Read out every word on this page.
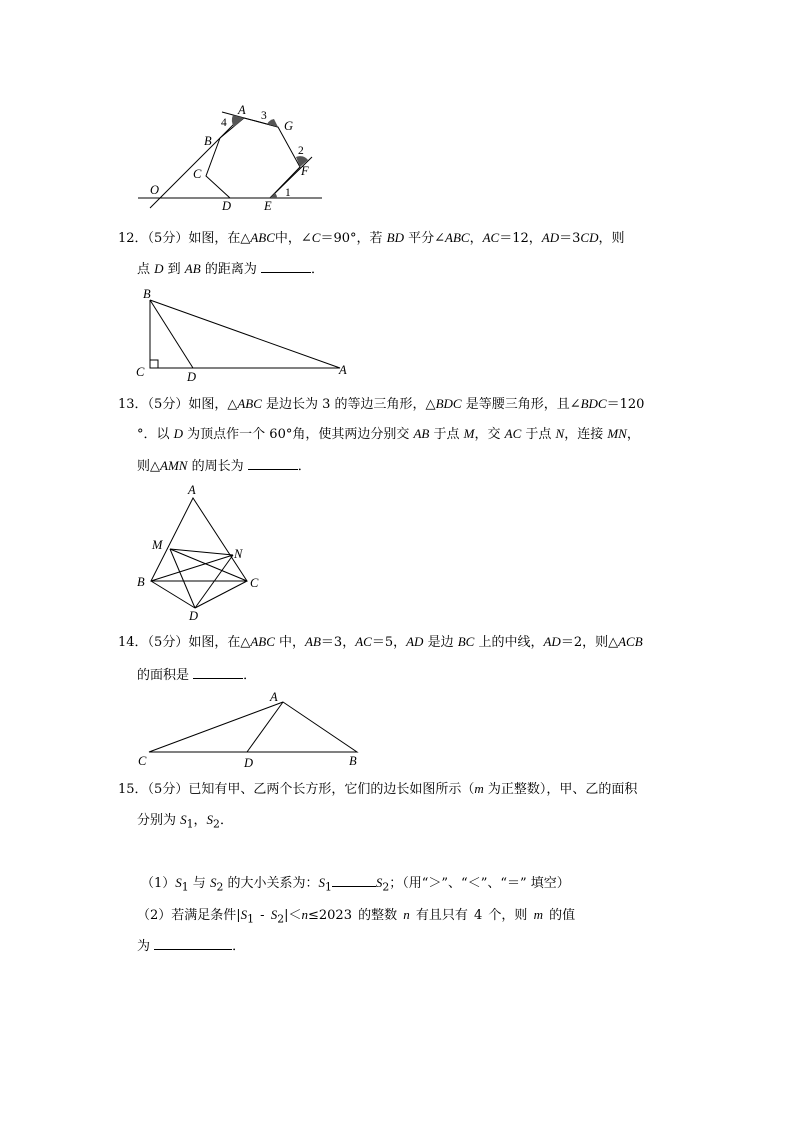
A
4
3
G
B
2
C	F
O	1
D	E
12．（5分）如图，在△ABC中，∠C＝90°，若 BD 平分∠ABC，AC＝12，AD＝3CD，则
点 D 到 AB 的距离为	．
B
C	D	A
13．（5分）如图，△ABC 是边长为 3 的等边三角形，△BDC 是等腰三角形，且∠BDC＝120
°．以 D 为顶点作一个 60°角，使其两边分别交 AB 于点 M，交 AC 于点 N，连接 MN，
则△AMN 的周长为	．
A
M
N
B	C
D
14．（5分）如图，在△ABC 中，AB＝3，AC＝5，AD 是边 BC 上的中线，AD＝2，则△ACB
的面积是	．
A
C	D	B
15．（5分）已知有甲、乙两个长方形，它们的边长如图所示（m 为正整数），甲、乙的面积
分别为 $S_1$，$S_2$．
$(1)S_1$ 与 $S_2$ 的大小关系为：$S_1$	$S_2$；（用“＞”、“＜”、“＝” 填空）
（2）若满足条件$|S_1 - S_2|<n\le 2023$ 的整数 n 有且只有 4 个，则 m 的值
为	．
